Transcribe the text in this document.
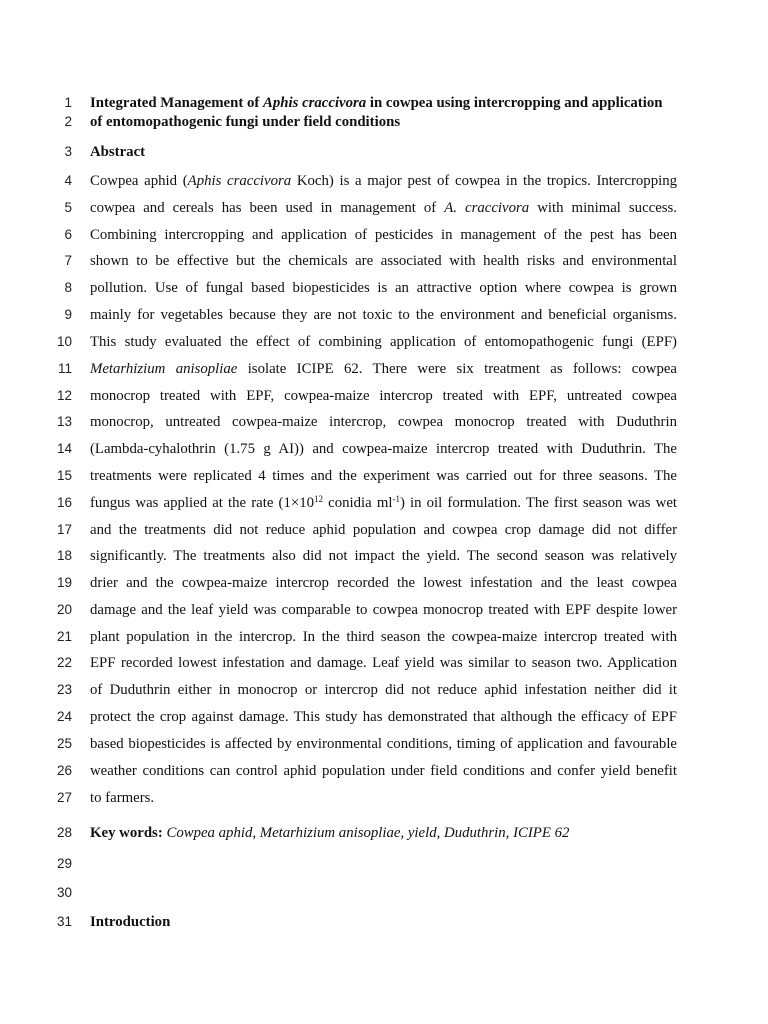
1 Integrated Management of Aphis craccivora in cowpea using intercropping and application
2 of entomopathogenic fungi under field conditions
3 Abstract
4 Cowpea aphid (Aphis craccivora Koch) is a major pest of cowpea in the tropics. Intercropping
5 cowpea and cereals has been used in management of A. craccivora with minimal success.
6 Combining intercropping and application of pesticides in management of the pest has been
7 shown to be effective but the chemicals are associated with health risks and environmental
8 pollution. Use of fungal based biopesticides is an attractive option where cowpea is grown
9 mainly for vegetables because they are not toxic to the environment and beneficial organisms.
10 This study evaluated the effect of combining application of entomopathogenic fungi (EPF)
11 Metarhizium anisopliae isolate ICIPE 62. There were six treatment as follows: cowpea
12 monocrop treated with EPF, cowpea-maize intercrop treated with EPF, untreated cowpea
13 monocrop, untreated cowpea-maize intercrop, cowpea monocrop treated with Duduthrin
14 (Lambda-cyhalothrin (1.75 g AI)) and cowpea-maize intercrop treated with Duduthrin. The
15 treatments were replicated 4 times and the experiment was carried out for three seasons. The
16 fungus was applied at the rate ($1\times 10^{12}$ conidia $ml^{-1}$) in oil formulation. The first season was wet
17 and the treatments did not reduce aphid population and cowpea crop damage did not differ
18 significantly. The treatments also did not impact the yield. The second season was relatively
19 drier and the cowpea-maize intercrop recorded the lowest infestation and the least cowpea
20 damage and the leaf yield was comparable to cowpea monocrop treated with EPF despite lower
21 plant population in the intercrop. In the third season the cowpea-maize intercrop treated with
22 EPF recorded lowest infestation and damage. Leaf yield was similar to season two. Application
23 of Duduthrin either in monocrop or intercrop did not reduce aphid infestation neither did it
24 protect the crop against damage. This study has demonstrated that although the efficacy of EPF
25 based biopesticides is affected by environmental conditions, timing of application and favourable
26 weather conditions can control aphid population under field conditions and confer yield benefit
27 to farmers.
28 Key words: Cowpea aphid, Metarhizium anisopliae, yield, Duduthrin, ICIPE 62
29
30
31 Introduction
